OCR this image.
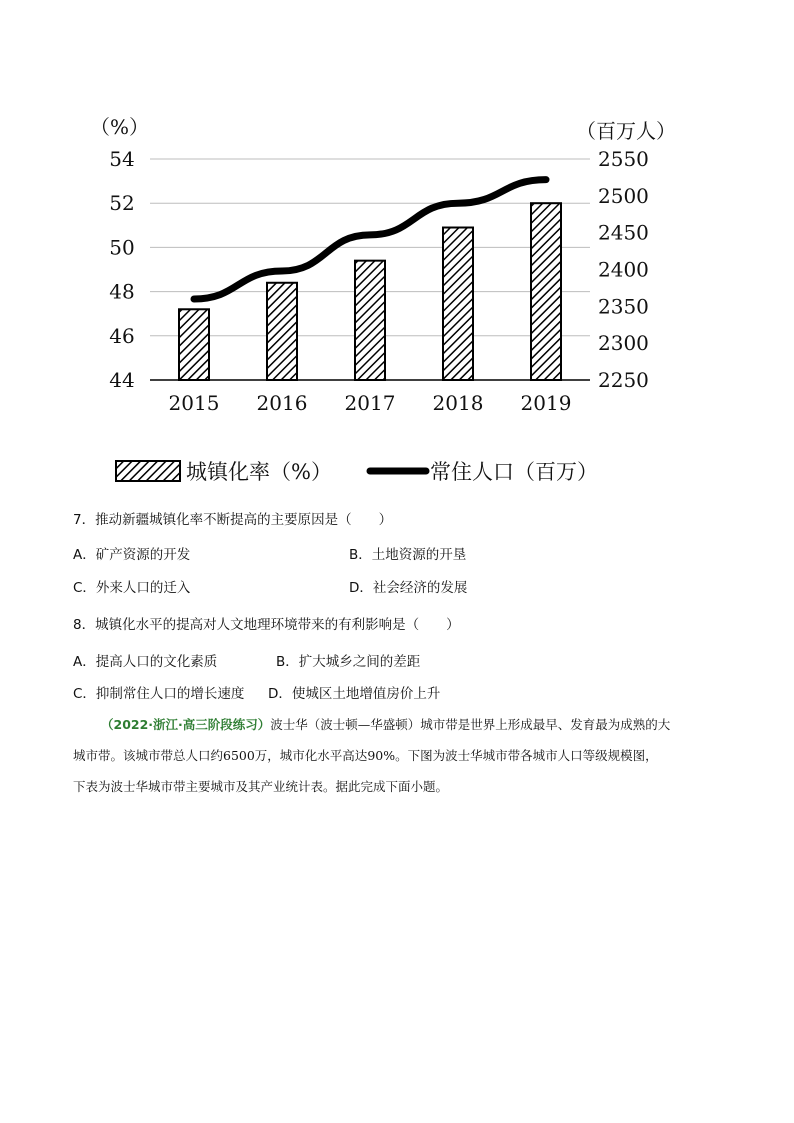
（%）	（百万人）
44
46
48
50
52
54
2250
2300
2350
2400
2450
2500
2550
2015 2016 2017 2018 2019
城镇化率（%）	常住人口（百万）
7．推动新疆城镇化率不断提高的主要原因是（　　）
A．矿产资源的开发	B．土地资源的开垦
C．外来人口的迁入	D．社会经济的发展
8．城镇化水平的提高对人文地理环境带来的有利影响是（　　）
A．提高人口的文化素质	B．扩大城乡之间的差距
C．抑制常住人口的增长速度 D．使城区土地增值房价上升
（2022·浙江·高三阶段练习）波士华（波士顿—华盛顿）城市带是世界上形成最早、发育最为成熟的大
城市带。该城市带总人口约6500万，城市化水平高达90%。下图为波士华城市带各城市人口等级规模图，
下表为波士华城市带主要城市及其产业统计表。据此完成下面小题。
